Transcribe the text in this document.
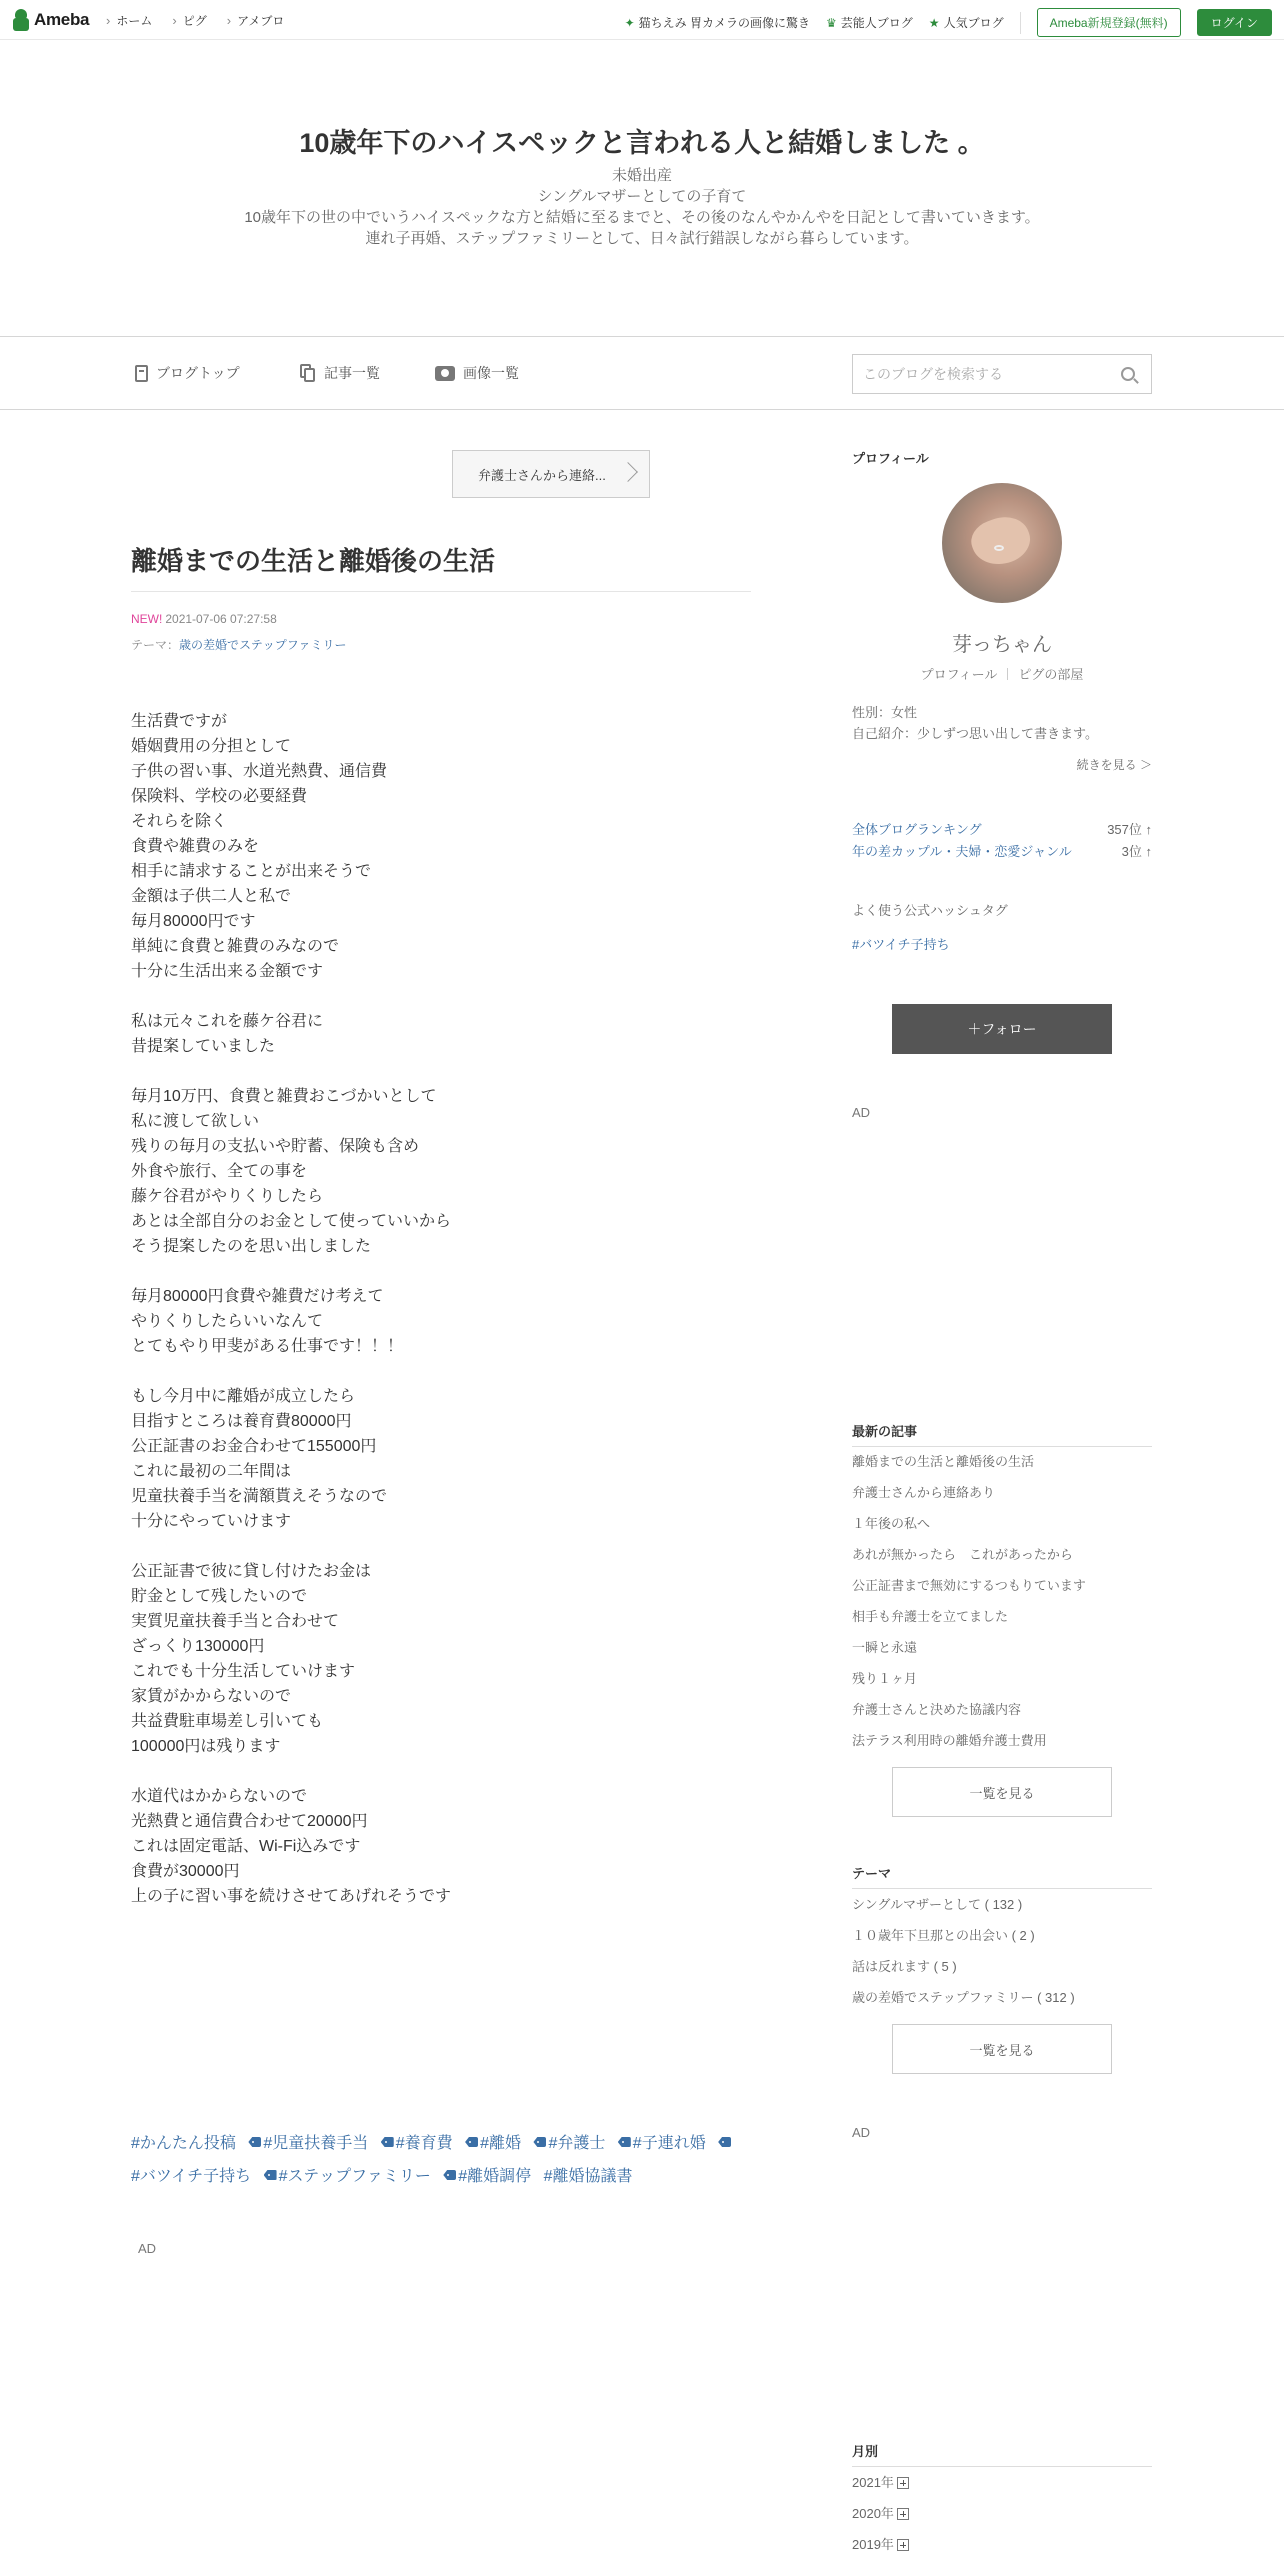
Ameba	› ホーム	› ピグ	› アメブロ	✦ 猫ちえみ 胃カメラの画像に驚き ♛ 芸能人ブログ ★ 人気ブログ	Ameba新規登録(無料)	ログイン
10歳年下のハイスペックと言われる人と結婚しました 。
未婚出産
シングルマザーとしての子育て
10歳年下の世の中でいうハイスペックな方と結婚に至るまでと、その後のなんやかんやを日記として書いていきます。
連れ子再婚、ステップファミリーとして、日々試行錯誤しながら暮らしています。
ブログトップ	記事一覧	画像一覧
このブログを検索する
弁護士さんから連絡...
離婚までの生活と離婚後の生活
NEW! 2021-07-06 07:27:58
テーマ：歳の差婚でステップファミリー
生活費ですが
婚姻費用の分担として
子供の習い事、水道光熱費、通信費
保険料、学校の必要経費
それらを除く
食費や雑費のみを
相手に請求することが出来そうで
金額は子供二人と私で
毎月80000円です
単純に食費と雑費のみなので
十分に生活出来る金額です

私は元々これを藤ケ谷君に
昔提案していました

毎月10万円、食費と雑費おこづかいとして
私に渡して欲しい
残りの毎月の支払いや貯蓄、保険も含め
外食や旅行、全ての事を
藤ケ谷君がやりくりしたら
あとは全部自分のお金として使っていいから
そう提案したのを思い出しました

毎月80000円食費や雑費だけ考えて
やりくりしたらいいなんて
とてもやり甲斐がある仕事です！！！

もし今月中に離婚が成立したら
目指すところは養育費80000円
公正証書のお金合わせて155000円
これに最初の二年間は
児童扶養手当を満額貰えそうなので
十分にやっていけます

公正証書で彼に貸し付けたお金は
貯金として残したいので
実質児童扶養手当と合わせて
ざっくり130000円
これでも十分生活していけます
家賃がかからないので
共益費駐車場差し引いても
100000円は残ります

水道代はかからないので
光熱費と通信費合わせて20000円
これは固定電話、Wi-Fi込みです
食費が30000円
上の子に習い事を続けさせてあげれそうです
#かんたん投稿 #児童扶養手当 #養育費 #離婚 #弁護士 #子連れ婚
#バツイチ子持ち #ステップファミリー #離婚調停 #離婚協議書
AD
プロフィール
芽っちゃん
プロフィール ピグの部屋
性別：女性
自己紹介：少しずつ思い出して書きます。
続きを見る ＞
全体ブログランキング	357位 ↑
年の差カップル・夫婦・恋愛ジャンル	3位 ↑
よく使う公式ハッシュタグ
#バツイチ子持ち
＋フォロー
AD
最新の記事
離婚までの生活と離婚後の生活
弁護士さんから連絡あり
１年後の私へ
あれが無かったら　これがあったから
公正証書まで無効にするつもりています
相手も弁護士を立てました
一瞬と永遠
残り１ヶ月
弁護士さんと決めた協議内容
法テラス利用時の離婚弁護士費用
一覧を見る
テーマ
シングルマザーとして ( 132 )
１０歳年下旦那との出会い ( 2 )
話は反れます ( 5 )
歳の差婚でステップファミリー ( 312 )
一覧を見る
AD
月別
2021年
2020年
2019年
